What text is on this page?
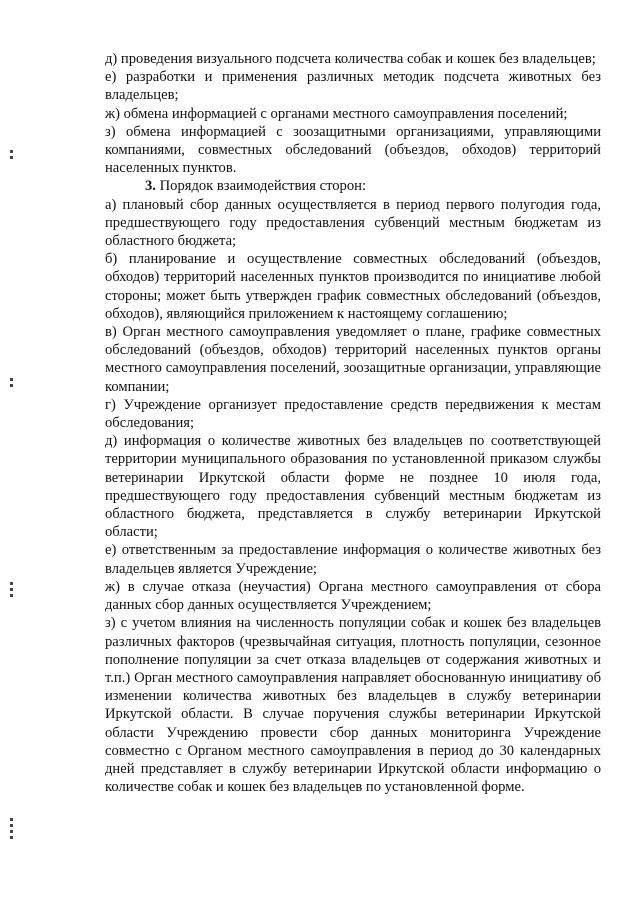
д) проведения визуального подсчета количества собак и кошек без владельцев;

е) разработки и применения различных методик подсчета животных без владельцев;

ж) обмена информацией с органами местного самоуправления поселений;

з) обмена информацией с зоозащитными организациями, управляющими компаниями, совместных обследований (объездов, обходов) территорий населенных пунктов.

3. Порядок взаимодействия сторон:

а) плановый сбор данных осуществляется в период первого полугодия года, предшествующего году предоставления субвенций местным бюджетам из областного бюджета;

б) планирование и осуществление совместных обследований (объездов, обходов) территорий населенных пунктов производится по инициативе любой стороны; может быть утвержден график совместных обследований (объездов, обходов), являющийся приложением к настоящему соглашению;

в) Орган местного самоуправления уведомляет о плане, графике совместных обследований (объездов, обходов) территорий населенных пунктов органы местного самоуправления поселений, зоозащитные организации, управляющие компании;

г) Учреждение организует предоставление средств передвижения к местам обследования;

д) информация о количестве животных без владельцев по соответствующей территории муниципального образования по установленной приказом службы ветеринарии Иркутской области форме не позднее 10 июля года, предшествующего году предоставления субвенций местным бюджетам из областного бюджета, представляется в службу ветеринарии Иркутской области;

е) ответственным за предоставление информация о количестве животных без владельцев является Учреждение;

ж) в случае отказа (неучастия) Органа местного самоуправления от сбора данных сбор данных осуществляется Учреждением;

з) с учетом влияния на численность популяции собак и кошек без владельцев различных факторов (чрезвычайная ситуация, плотность популяции, сезонное пополнение популяции за счет отказа владельцев от содержания животных и т.п.) Орган местного самоуправления направляет обоснованную инициативу об изменении количества животных без владельцев в службу ветеринарии Иркутской области. В случае поручения службы ветеринарии Иркутской области Учреждению провести сбор данных мониторинга Учреждение совместно с Органом местного самоуправления в период до 30 календарных дней представляет в службу ветеринарии Иркутской области информацию о количестве собак и кошек без владельцев по установленной форме.
